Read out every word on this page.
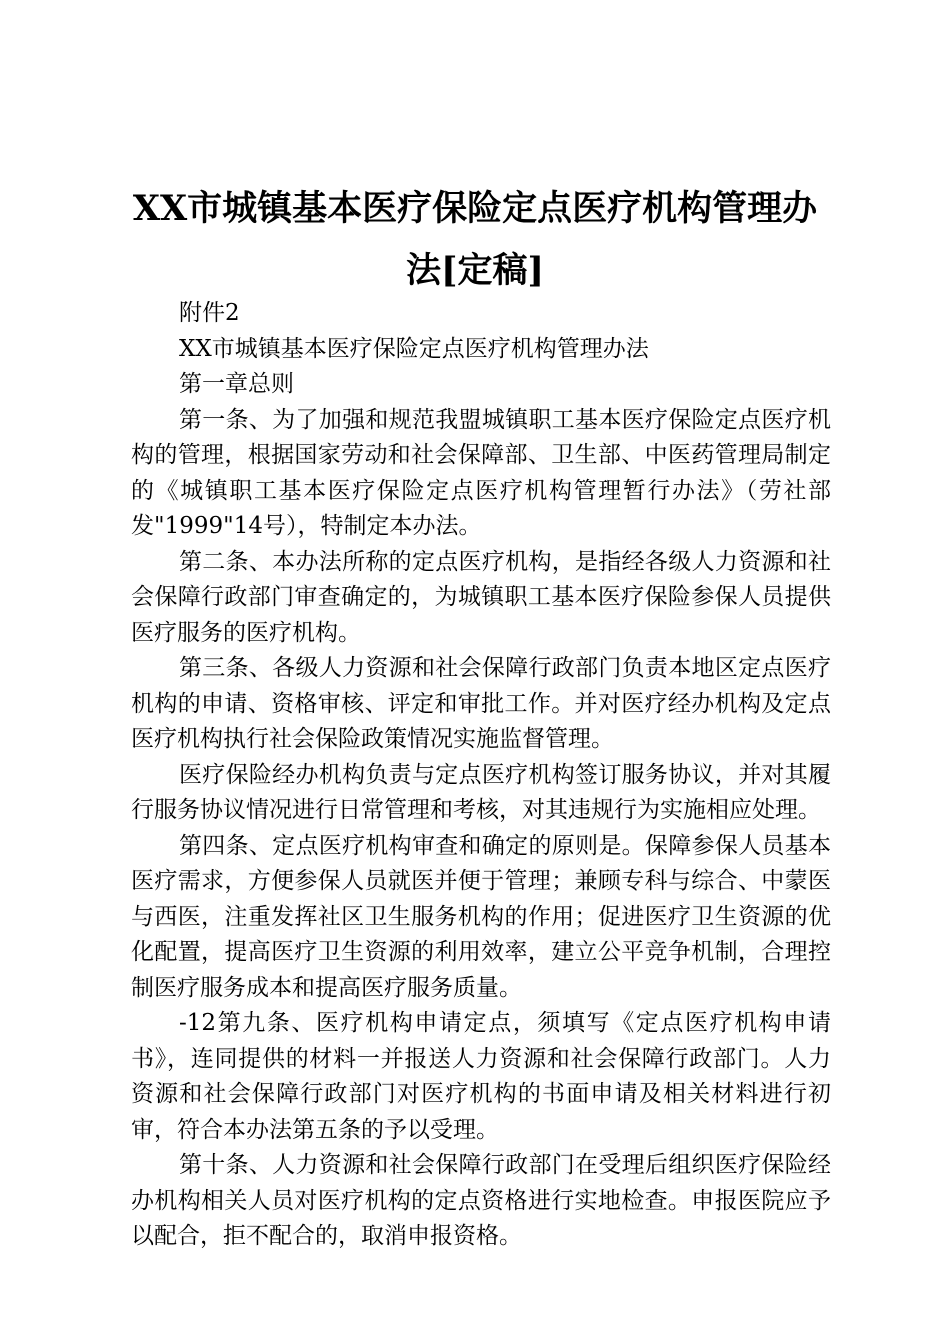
XX市城镇基本医疗保险定点医疗机构管理办法[定稿]

附件2

XX市城镇基本医疗保险定点医疗机构管理办法

第一章总则

第一条、为了加强和规范我盟城镇职工基本医疗保险定点医疗机构的管理，根据国家劳动和社会保障部、卫生部、中医药管理局制定的《城镇职工基本医疗保险定点医疗机构管理暂行办法》（劳社部发"1999"14号），特制定本办法。

第二条、本办法所称的定点医疗机构，是指经各级人力资源和社会保障行政部门审查确定的，为城镇职工基本医疗保险参保人员提供医疗服务的医疗机构。

第三条、各级人力资源和社会保障行政部门负责本地区定点医疗机构的申请、资格审核、评定和审批工作。并对医疗经办机构及定点医疗机构执行社会保险政策情况实施监督管理。

医疗保险经办机构负责与定点医疗机构签订服务协议，并对其履行服务协议情况进行日常管理和考核，对其违规行为实施相应处理。

第四条、定点医疗机构审查和确定的原则是。保障参保人员基本医疗需求，方便参保人员就医并便于管理；兼顾专科与综合、中蒙医与西医，注重发挥社区卫生服务机构的作用；促进医疗卫生资源的优化配置，提高医疗卫生资源的利用效率，建立公平竞争机制，合理控制医疗服务成本和提高医疗服务质量。

-12第九条、医疗机构申请定点，须填写《定点医疗机构申请书》，连同提供的材料一并报送人力资源和社会保障行政部门。人力资源和社会保障行政部门对医疗机构的书面申请及相关材料进行初审，符合本办法第五条的予以受理。

第十条、人力资源和社会保障行政部门在受理后组织医疗保险经办机构相关人员对医疗机构的定点资格进行实地检查。申报医院应予以配合，拒不配合的，取消申报资格。
